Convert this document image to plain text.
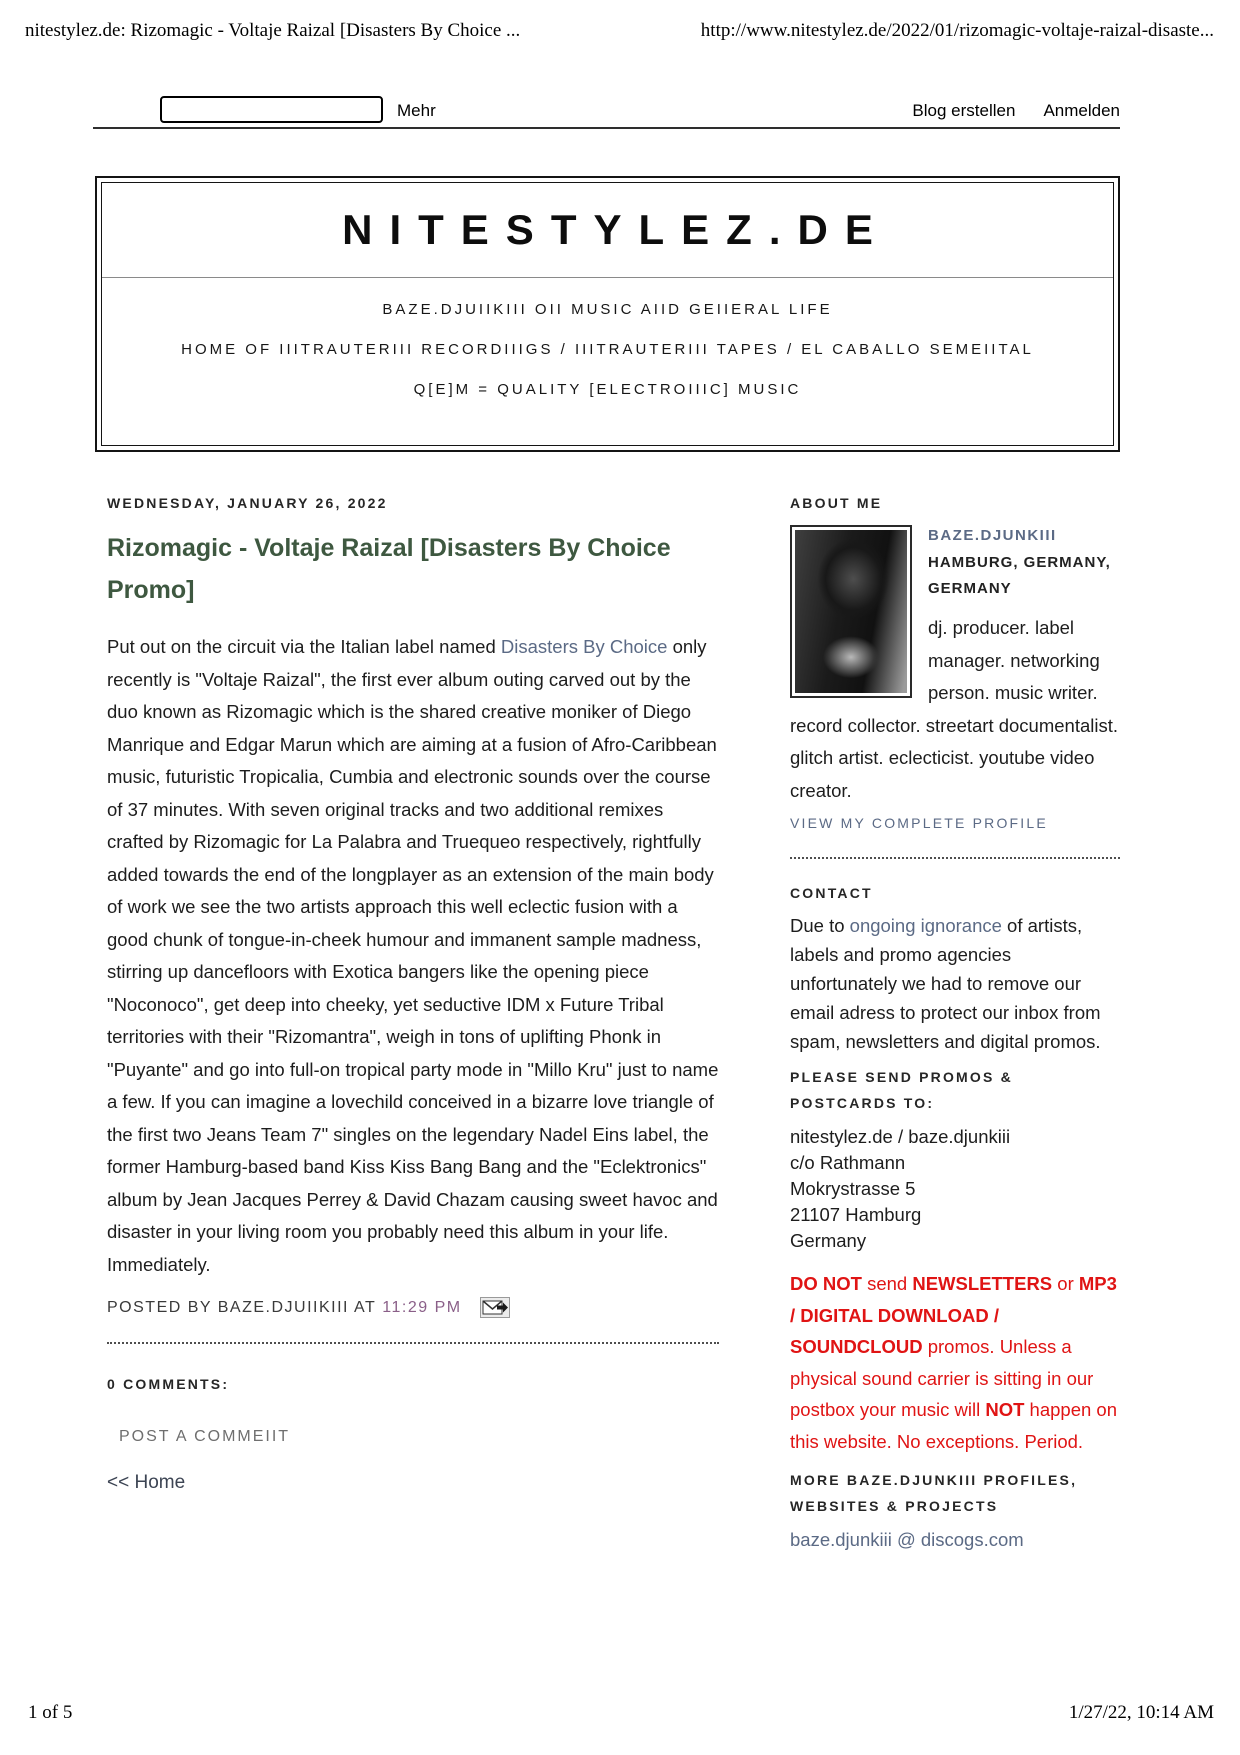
nitestylez.de: Rizomagic - Voltaje Raizal [Disasters By Choice ...	http://www.nitestylez.de/2022/01/rizomagic-voltaje-raizal-disaste...
Mehr	Blog erstellen Anmelden
NITESTYLEZ.DE
BAZE.DJUIIKIII OII MUSIC AIID GEIIERAL LIFE
HOME OF IIITRAUTERIII RECORDIIIGS / IIITRAUTERIII TAPES / EL CABALLO SEMEIITAL
Q[E]M = QUALITY [ELECTROIIIC] MUSIC
WEDNESDAY, JANUARY 26, 2022
Rizomagic - Voltaje Raizal [Disasters By Choice Promo]

Put out on the circuit via the Italian label named Disasters By Choice only recently is "Voltaje Raizal", the first ever album outing carved out by the duo known as Rizomagic which is the shared creative moniker of Diego Manrique and Edgar Marun which are aiming at a fusion of Afro-Caribbean music, futuristic Tropicalia, Cumbia and electronic sounds over the course of 37 minutes. With seven original tracks and two additional remixes crafted by Rizomagic for La Palabra and Truequeo respectively, rightfully added towards the end of the longplayer as an extension of the main body of work we see the two artists approach this well eclectic fusion with a good chunk of tongue-in-cheek humour and immanent sample madness, stirring up dancefloors with Exotica bangers like the opening piece "Noconoco", get deep into cheeky, yet seductive IDM x Future Tribal territories with their "Rizomantra", weigh in tons of uplifting Phonk in "Puyante" and go into full-on tropical party mode in "Millo Kru" just to name a few. If you can imagine a lovechild conceived in a bizarre love triangle of the first two Jeans Team 7" singles on the legendary Nadel Eins label, the former Hamburg-based band Kiss Kiss Bang Bang and the "Eclektronics" album by Jean Jacques Perrey & David Chazam causing sweet havoc and disaster in your living room you probably need this album in your life. Immediately.

POSTED BY BAZE.DJUIIKIII AT 11:29 PM
0 COMMENTS:
POST A COMMEIIT
<< Home
ABOUT ME
BAZE.DJUNKIII
HAMBURG, GERMANY, GERMANY

dj. producer. label manager. networking person. music writer. record collector. streetart documentalist. glitch artist. eclecticist. youtube video creator.

VIEW MY COMPLETE PROFILE
CONTACT

Due to ongoing ignorance of artists, labels and promo agencies unfortunately we had to remove our email adress to protect our inbox from spam, newsletters and digital promos.

PLEASE SEND PROMOS & POSTCARDS TO:
nitestylez.de / baze.djunkiii
c/o Rathmann
Mokrystrasse 5
21107 Hamburg
Germany

DO NOT send NEWSLETTERS or MP3 / DIGITAL DOWNLOAD / SOUNDCLOUD promos. Unless a physical sound carrier is sitting in our postbox your music will NOT happen on this website. No exceptions. Period.

MORE BAZE.DJUNKIII PROFILES, WEBSITES & PROJECTS
baze.djunkiii @ discogs.com
1 of 5	1/27/22, 10:14 AM
